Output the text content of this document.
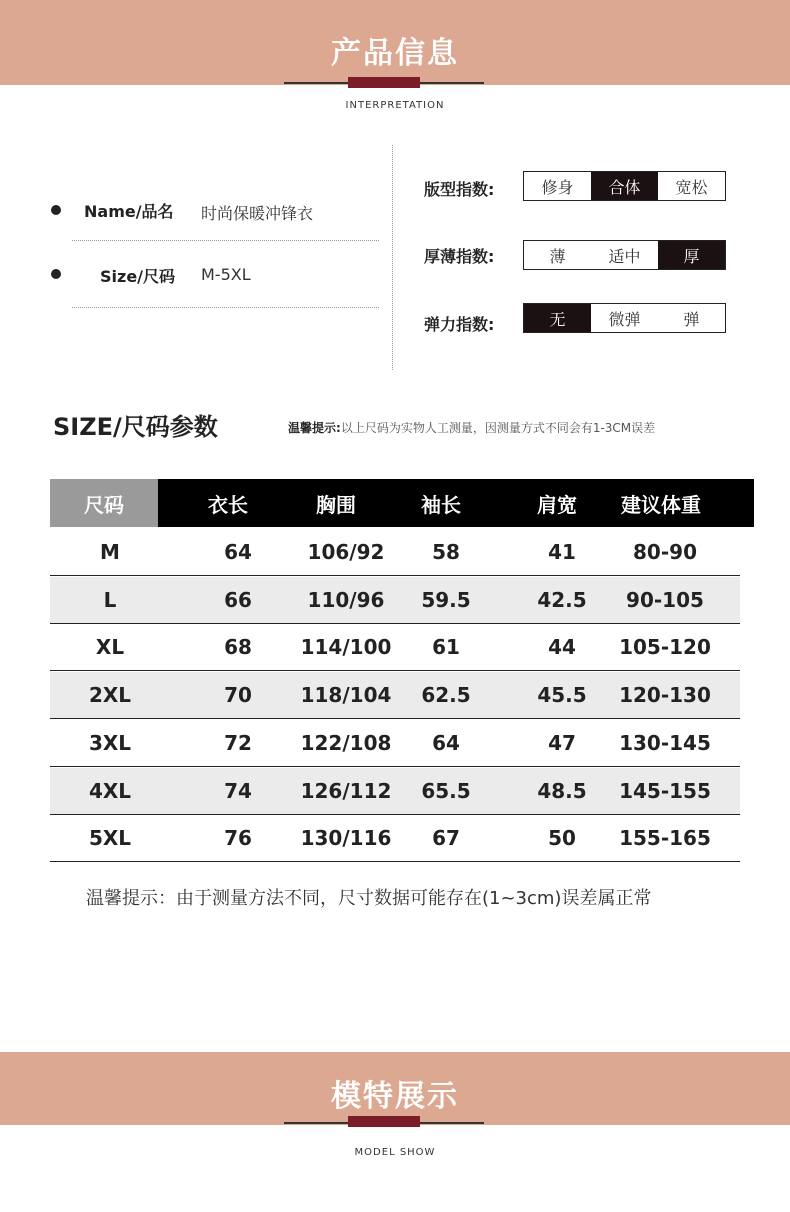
产品信息
INTERPRETATION
Name/品名 时尚保暖冲锋衣
Size/尺码 M-5XL
版型指数:	修身	合体	宽松
厚薄指数:	薄	适中	厚
弹力指数:	无	微弹	弹
SIZE/尺码参数	温馨提示:以上尺码为实物人工测量，因测量方式不同会有1-3CM误差
尺码	衣长	胸围	袖长	肩宽	建议体重
M	64	106/92	58	41	80-90
L	66	110/96	59.5	42.5	90-105
XL	68	114/100	61	44	105-120
2XL	70	118/104	62.5	45.5	120-130
3XL	72	122/108	64	47	130-145
4XL	74	126/112	65.5	48.5	145-155
5XL	76	130/116	67	50	155-165
温馨提示：由于测量方法不同，尺寸数据可能存在(1~3cm)误差属正常
模特展示
MODEL SHOW
